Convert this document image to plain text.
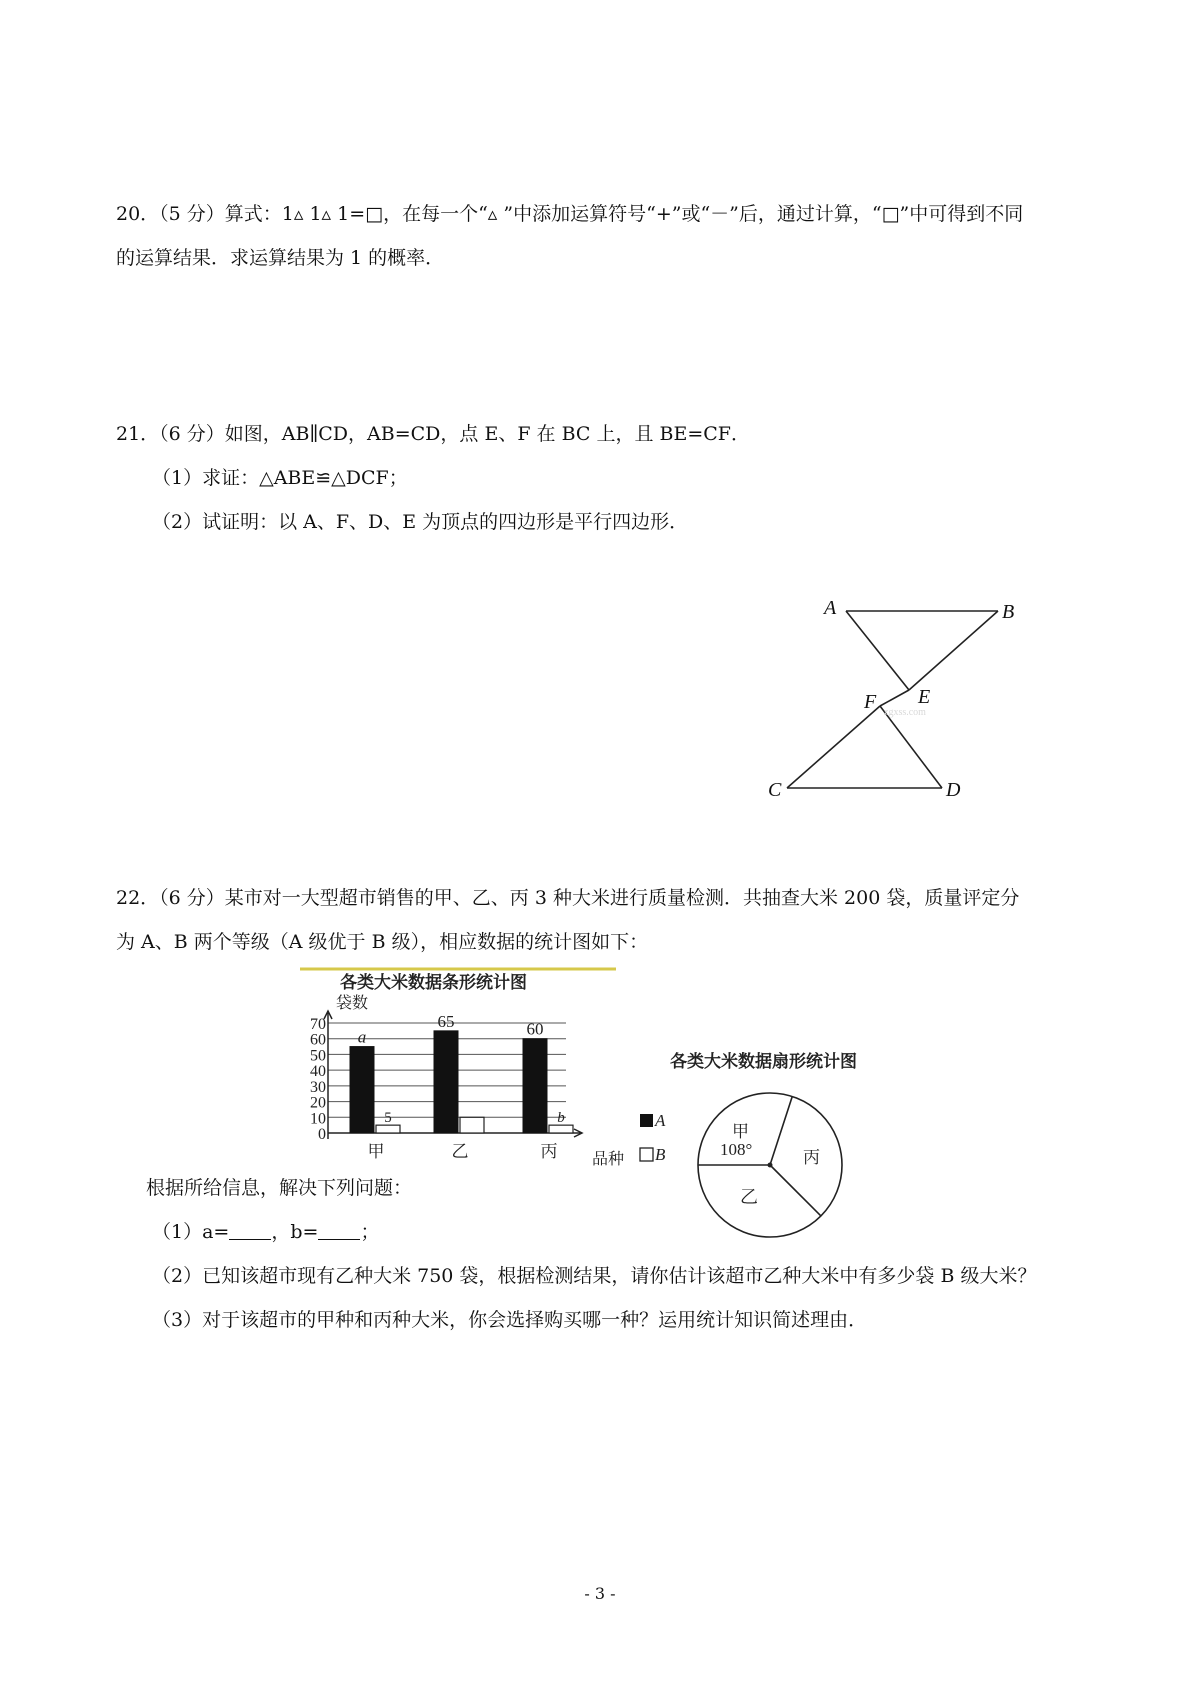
20．（5 分）算式：1▵ 1▵ 1=□，在每一个“▵ ”中添加运算符号“+”或“－”后，通过计算，“□”中可得到不同
的运算结果．求运算结果为 1 的概率．
21．（6 分）如图，AB∥CD，AB=CD，点 E、F 在 BC 上，且 BE=CF．
（1）求证：△ABE≌△DCF；
（2）试证明：以 A、F、D、E 为顶点的四边形是平行四边形．
A	B
E
F
C	D
zgxss.com
22．（6 分）某市对一大型超市销售的甲、乙、丙 3 种大米进行质量检测．共抽查大米 200 袋，质量评定分
为 A、B 两个等级（A 级优于 B 级），相应数据的统计图如下：
各类大米数据条形统计图
袋数
0
10
20
30
40
50
60
70
a
5
65	60
b
甲	乙	丙 品种
A
B
各类大米数据扇形统计图
甲
108°
乙
丙
根据所给信息，解决下列问题：
（1）a= ，b= ；
（2）已知该超市现有乙种大米 750 袋，根据检测结果，请你估计该超市乙种大米中有多少袋 B 级大米？
（3）对于该超市的甲种和丙种大米，你会选择购买哪一种？运用统计知识简述理由．
- 3 -
